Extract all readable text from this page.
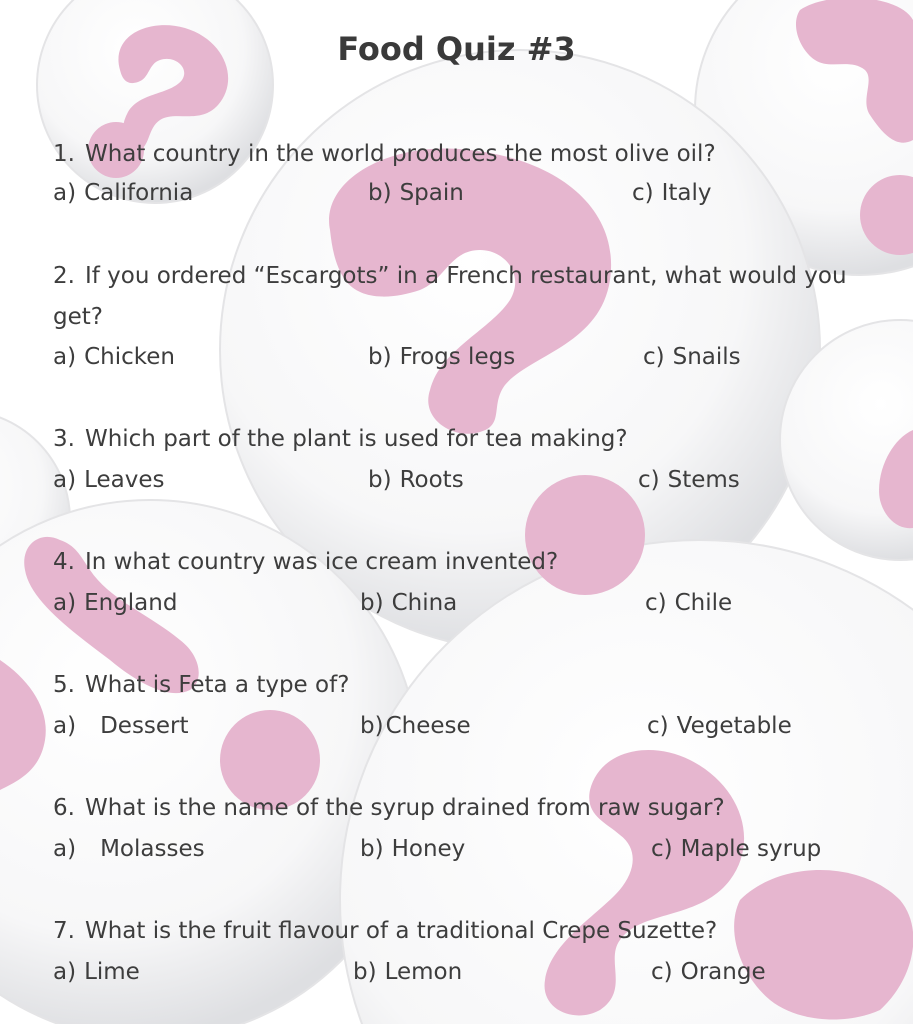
Food Quiz #3
1. What country in the world produces the most olive oil?
a) California	b) Spain	c) Italy
2. If you ordered “Escargots” in a French restaurant, what would you get?
a) Chicken	b) Frogs legs	c) Snails
3. Which part of the plant is used for tea making?
a) Leaves	b) Roots	c) Stems
4. In what country was ice cream invented?
a) England	b) China	c) Chile
5. What is Feta a type of?
a) Dessert	b)Cheese	c) Vegetable
6. What is the name of the syrup drained from raw sugar?
a) Molasses	b) Honey	c) Maple syrup
7. What is the fruit flavour of a traditional Crepe Suzette?
a) Lime	b) Lemon	c) Orange
